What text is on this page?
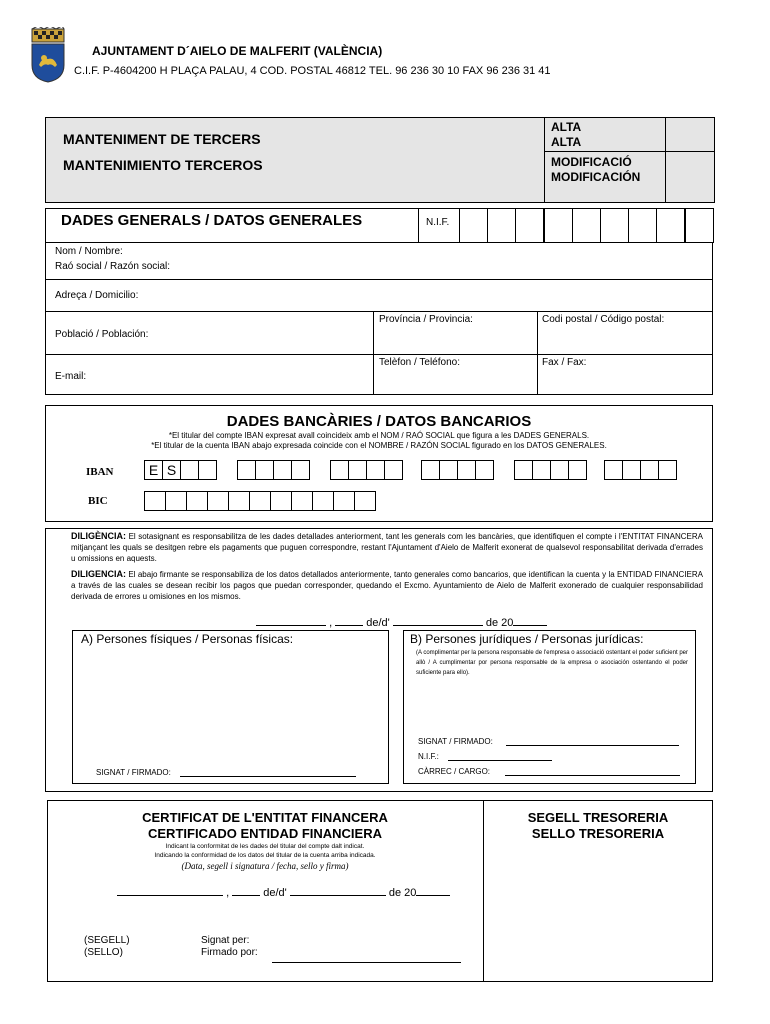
AJUNTAMENT D´AIELO DE MALFERIT (VALÈNCIA)
C.I.F. P-4604200 H PLAÇA PALAU, 4 COD. POSTAL 46812 TEL. 96 236 30 10 FAX 96 236 31 41
MANTENIMENT DE TERCERS
MANTENIMIENTO TERCEROS
ALTA
ALTA
MODIFICACIÓ
MODIFICACIÓN
DADES GENERALS / DATOS GENERALES	N.I.F.
Nom / Nombre:
Raó social / Razón social:
Adreça / Domicilio:
Província / Provincia:	Codi postal / Código postal:
Població / Población:
Telèfon / Teléfono:	Fax / Fax:
E-mail:
DADES BANCÀRIES / DATOS BANCARIOS
*El titular del compte IBAN expresat avall coincideix amb el NOM / RAÓ SOCIAL que figura a les DADES GENERALS.
*El titular de la cuenta IBAN abajo expresada coincide con el NOMBRE / RAZÓN SOCIAL figurado en los DATOS GENERALES.
IBAN	E S
BIC
DILIGÈNCIA: El sotasignant es responsabilitza de les dades detallades anteriorment, tant les generals com les bancàries, que identifiquen el compte i l'ENTITAT FINANCERA mitjançant les quals se desitgen rebre els pagaments que puguen correspondre, restant l'Ajuntament d'Aielo de Malferit exonerat de qualsevol responsabilitat derivada d'errades u omissions en aquests.
DILIGENCIA: El abajo firmante se responsabiliza de los datos detallados anteriormente, tanto generales como bancarios, que identifican la cuenta y la ENTIDAD FINANCIERA a través de las cuales se desean recibir los pagos que puedan corresponder, quedando el Excmo. Ayuntamiento de Aielo de Malferit exonerado de cualquier responsabilidad derivada de errores u omisiones en los mismos.
,	de/d'	de 20
A) Persones físiques / Personas físicas:
SIGNAT / FIRMADO:
B) Persones jurídiques / Personas jurídicas:
(A complimentar per la persona responsable de l'empresa o associació ostentant el poder suficient per allò / A cumplimentar por persona responsable de la empresa o asociación ostentando el poder suficiente para ello).
SIGNAT / FIRMADO:
N.I.F.:
CÀRREC / CARGO:
CERTIFICAT DE L'ENTITAT FINANCERA
CERTIFICADO ENTIDAD FINANCIERA
Indicant la conformitat de les dades del titular del compte dalt indicat.
Indicando la conformidad de los datos del titular de la cuenta arriba indicada.
(Data, segell i signatura / fecha, sello y firma)
,	de/d'	de 20
(SEGELL)
(SELLO)
Signat per:
Firmado por:
SEGELL TRESORERIA
SELLO TRESORERIA
